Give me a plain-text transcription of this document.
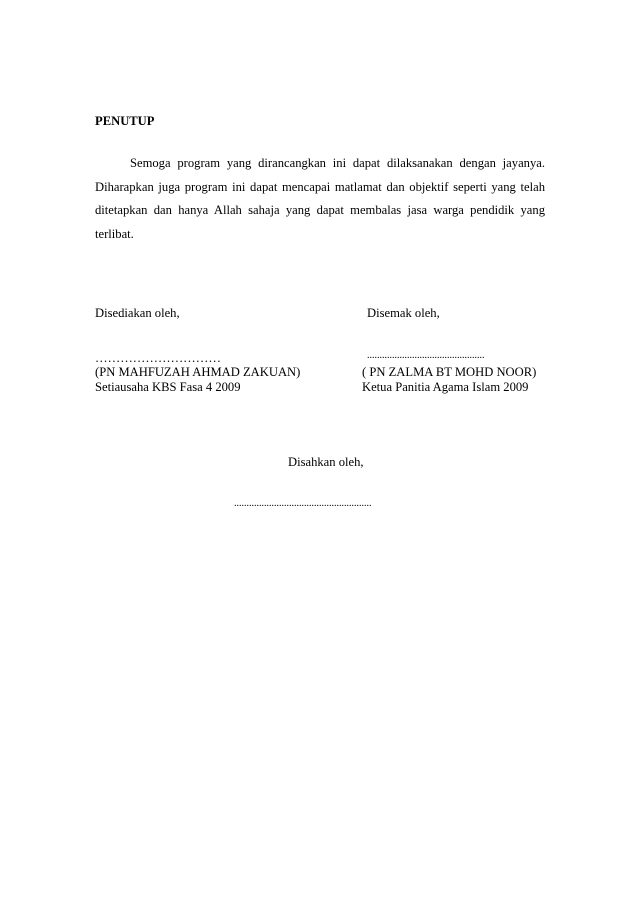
PENUTUP
Semoga program yang dirancangkan ini dapat dilaksanakan dengan jayanya.
Diharapkan juga program ini dapat mencapai matlamat dan objektif seperti yang telah
ditetapkan dan hanya Allah sahaja yang dapat membalas jasa warga pendidik yang
terlibat.
Disediakan oleh,	Disemak oleh,
…………………………	...............................................
(PN MAHFUZAH AHMAD ZAKUAN)	( PN ZALMA BT MOHD NOOR)
Setiausaha KBS Fasa 4 2009	Ketua Panitia Agama Islam 2009
Disahkan oleh,
.......................................................
